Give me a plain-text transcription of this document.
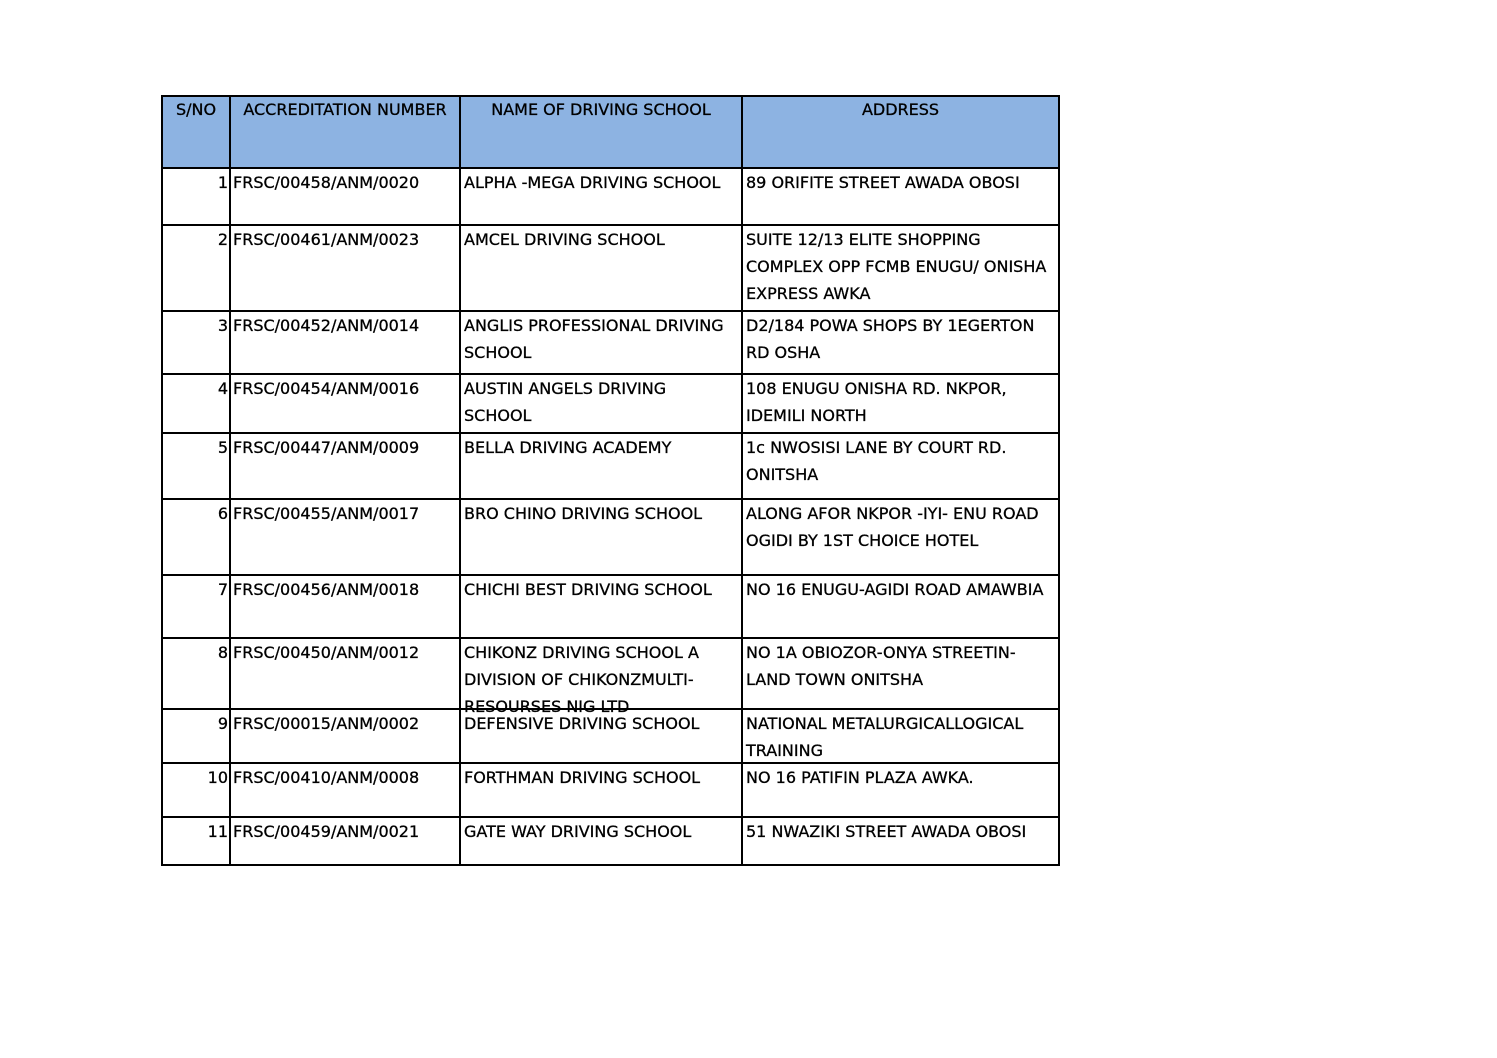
S/NO	ACCREDITATION NUMBER	NAME OF DRIVING SCHOOL	ADDRESS
1	FRSC/00458/ANM/0020	ALPHA -MEGA DRIVING SCHOOL	89 ORIFITE STREET AWADA OBOSI
2	FRSC/00461/ANM/0023	AMCEL DRIVING SCHOOL	SUITE 12/13 ELITE SHOPPING COMPLEX OPP FCMB ENUGU/ ONISHA EXPRESS AWKA
3	FRSC/00452/ANM/0014	ANGLIS PROFESSIONAL DRIVING SCHOOL	D2/184 POWA SHOPS BY 1EGERTON RD OSHA
4	FRSC/00454/ANM/0016	AUSTIN ANGELS DRIVING SCHOOL	108 ENUGU ONISHA RD. NKPOR, IDEMILI NORTH
5	FRSC/00447/ANM/0009	BELLA DRIVING ACADEMY	1c NWOSISI LANE BY COURT RD. ONITSHA
6	FRSC/00455/ANM/0017	BRO CHINO DRIVING SCHOOL	ALONG AFOR NKPOR -IYI- ENU ROAD OGIDI BY 1ST CHOICE HOTEL
7	FRSC/00456/ANM/0018	CHICHI BEST DRIVING SCHOOL	NO 16 ENUGU-AGIDI ROAD AMAWBIA
8	FRSC/00450/ANM/0012	CHIKONZ DRIVING SCHOOL A DIVISION OF CHIKONZMULTI-RESOURSES NIG LTD	NO 1A OBIOZOR-ONYA STREETIN-LAND TOWN ONITSHA
9	FRSC/00015/ANM/0002	DEFENSIVE DRIVING SCHOOL	NATIONAL METALURGICALLOGICAL TRAINING

10	FRSC/00410/ANM/0008	FORTHMAN DRIVING SCHOOL	NO 16 PATIFIN PLAZA AWKA.
11	FRSC/00459/ANM/0021	GATE WAY DRIVING SCHOOL	51 NWAZIKI STREET AWADA OBOSI
